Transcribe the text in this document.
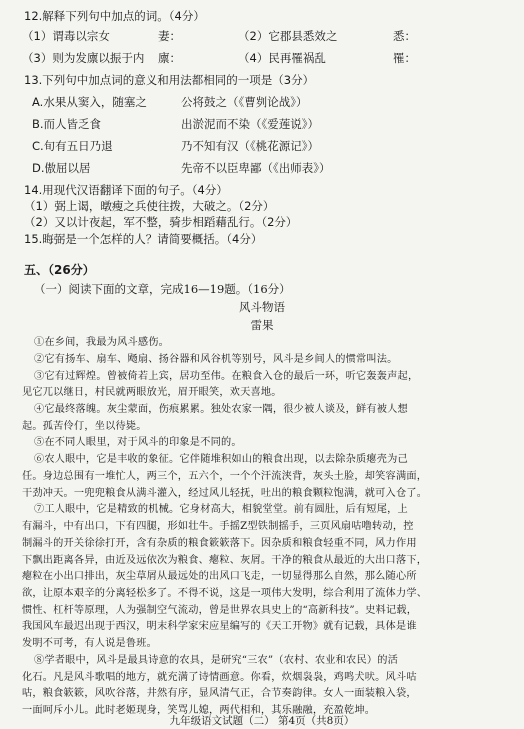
12.解释下列句中加点的词。（4分）
（1）谓毒以宗女	妻：	（2）它郡县悉效之	悉：
（3）则为发廪以振于内 廪：	（4）民再罹祸乱	罹：
13.下列句中加点词的意义和用法都相同的一项是（3分）
A.水果从窦入，随塞之	公将鼓之（《曹刿论战》）
B.而人皆乏食	出淤泥而不染（《爱莲说》）
C.旬有五日乃退	乃不知有汉（《桃花源记》）
D.傲屈以居	先帝不以臣卑鄙（《出师表》）
14.用现代汉语翻译下面的句子。（4分）
（1）弼上谒，暾瘦之兵使往拨，大破之。（2分）
（2）又以计夜起，军不整，骑步相蹈藉乱行。（2分）
15.晦弼是一个怎样的人？请简要概括。（4分）
五、（26分）
（一）阅读下面的文章，完成16—19题。（16分）
风斗物语
雷果
①在乡间，我最为风斗感伤。
②它有扬车、扇车、飏扇、扬谷器和风谷机等别号，风斗是乡间人的惯常叫法。
③它有过辉煌。曾被倚若上宾，居功至伟。在粮食入仓的最后一环，听它轰轰声起，
见它兀以继日，村民就两眼放光，眉开眼笑，欢天喜地。
④它最终落魄。灰尘蒙面，伤痕累累。独处农家一隅，很少被人谈及，鲜有被人想
起。孤苦伶仃，坐以待毙。
⑤在不同人眼里，对于风斗的印象是不同的。
⑥农人眼中，它是丰收的象征。它伴随堆积如山的粮食出现，以去除杂质瘪壳为己
任。身边总围有一堆忙人，两三个，五六个，一个个汗流浃背，灰头土脸，却笑容满面，
干劲冲天。一兜兜粮食从满斗灌入，经过风儿轻抚，吐出的粮食颗粒饱满，就可入仓了。
⑦工人眼中，它是精致的机械。它身材高大，相貌堂堂。前有圆肚，后有短尾，上
有漏斗，中有出口，下有四腿，形如壮牛。手摇Z型铁制摇手，三页风扇咕噜转动，控
制漏斗的开关徐徐打开，含有杂质的粮食簌簌落下。因杂质和粮食轻重不同，风力作用
下飘出距离各异，由近及远依次为粮食、瘪粒、灰屑。干净的粮食从最近的大出口落下，
瘪粒在小出口排出，灰尘草屑从最远处的出风口飞走，一切显得那么自然，那么随心所
欲，让原本艰辛的分离轻松多了。不得不说，这是一项伟大发明，综合利用了流体力学、
惯性、杠杆等原理，人为强制空气流动，曾是世界农具史上的“高新科技”。史料记载，
我国风车最迟出现于西汉，明末科学家宋应星编写的《天工开物》就有记载，具体是谁
发明不可考，有人说是鲁班。
⑧学者眼中，风斗是最具诗意的农具，是研究“三农”（农村、农业和农民）的活
化石。凡是风斗歌唱的地方，就充满了诗情画意。你看，炊烟袅袅，鸡鸣犬吠。风斗咕
咕，粮食簌簌，风吹谷落，井然有序，显风清气正，合节奏韵律。女人一面装粮入袋，
一面呵斥小儿。此时老姬现身，笑骂儿媳，两代相和，其乐融融，充盈乾坤。
九年级语文试题（二） 第4页（共8页）
